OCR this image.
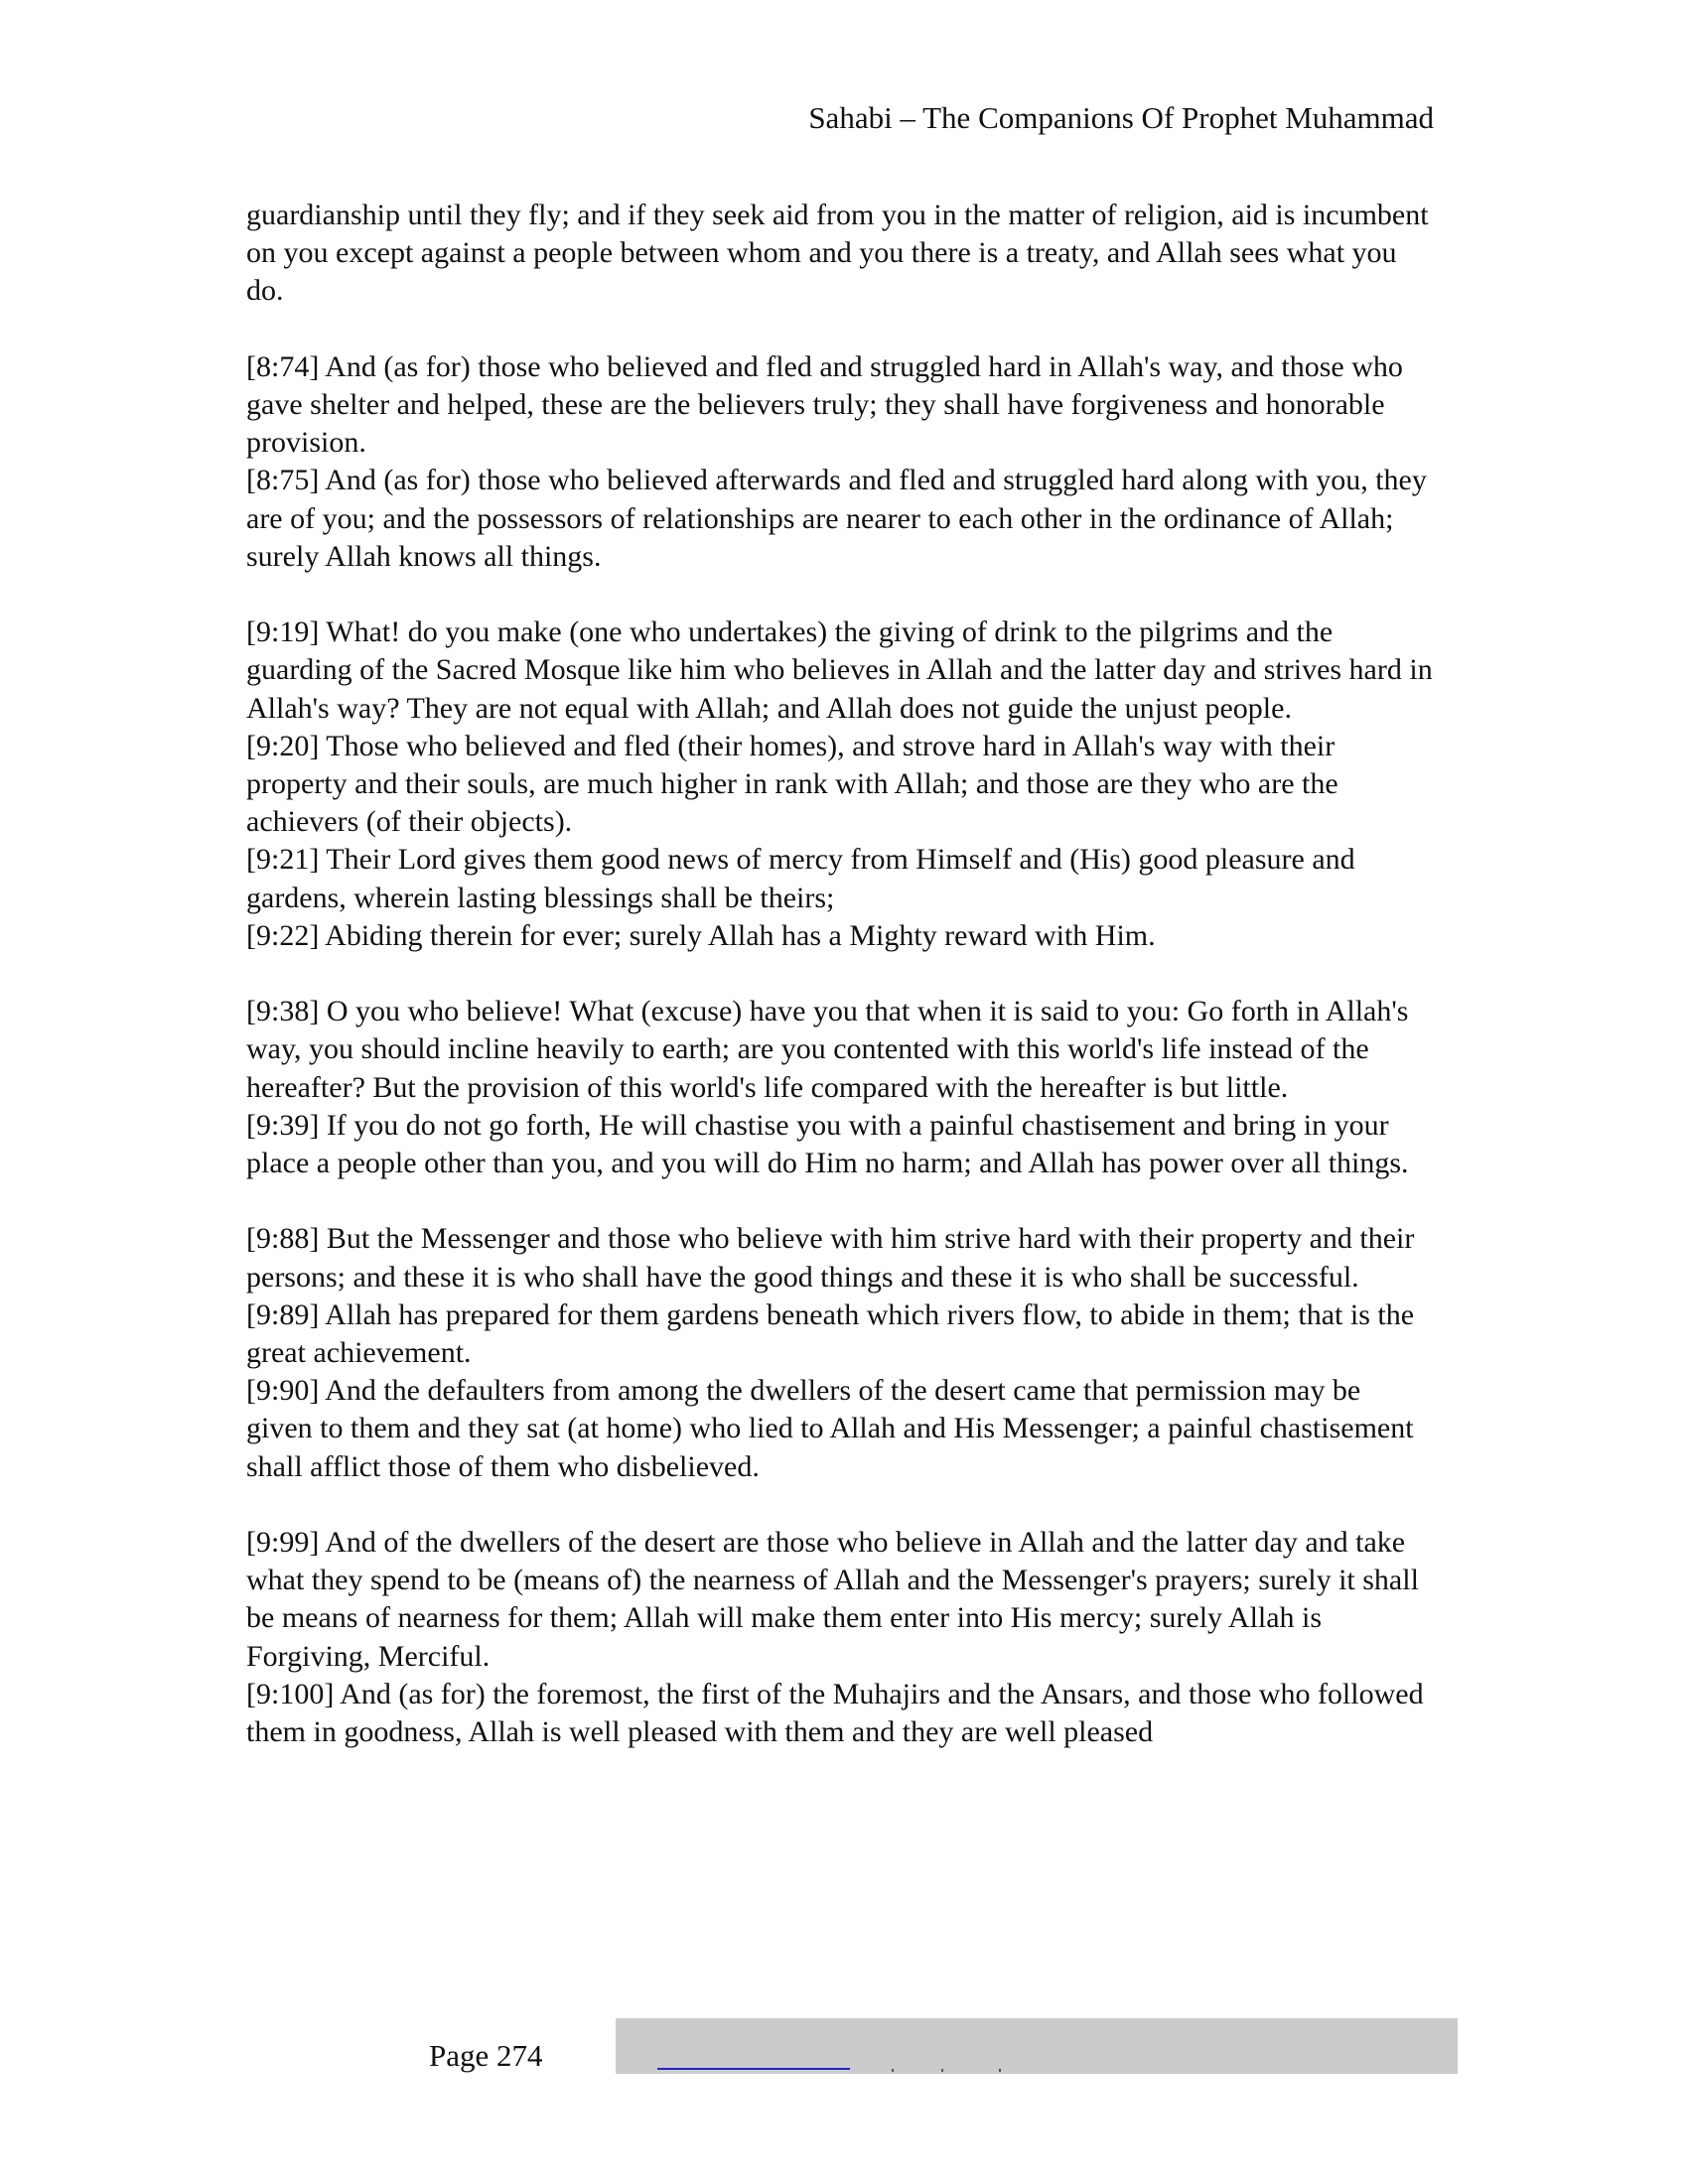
Sahabi – The Companions Of Prophet Muhammad

guardianship until they fly; and if they seek aid from you in the matter of religion, aid is incumbent on you except against a people between whom and you there is a treaty, and Allah sees what you do.

[8:74] And (as for) those who believed and fled and struggled hard in Allah's way, and those who gave shelter and helped, these are the believers truly; they shall have forgiveness and honorable provision.

[8:75] And (as for) those who believed afterwards and fled and struggled hard along with you, they are of you; and the possessors of relationships are nearer to each other in the ordinance of Allah; surely Allah knows all things.

[9:19] What! do you make (one who undertakes) the giving of drink to the pilgrims and the guarding of the Sacred Mosque like him who believes in Allah and the latter day and strives hard in Allah's way? They are not equal with Allah; and Allah does not guide the unjust people.

[9:20] Those who believed and fled (their homes), and strove hard in Allah's way with their property and their souls, are much higher in rank with Allah; and those are they who are the achievers (of their objects).

[9:21] Their Lord gives them good news of mercy from Himself and (His) good pleasure and gardens, wherein lasting blessings shall be theirs;

[9:22] Abiding therein for ever; surely Allah has a Mighty reward with Him.

[9:38] O you who believe! What (excuse) have you that when it is said to you: Go forth in Allah's way, you should incline heavily to earth; are you contented with this world's life instead of the hereafter? But the provision of this world's life compared with the hereafter is but little.

[9:39] If you do not go forth, He will chastise you with a painful chastisement and bring in your place a people other than you, and you will do Him no harm; and Allah has power over all things.

[9:88] But the Messenger and those who believe with him strive hard with their property and their persons; and these it is who shall have the good things and these it is who shall be successful.

[9:89] Allah has prepared for them gardens beneath which rivers flow, to abide in them; that is the great achievement.

[9:90] And the defaulters from among the dwellers of the desert came that permission may be given to them and they sat (at home) who lied to Allah and His Messenger; a painful chastisement shall afflict those of them who disbelieved.

[9:99] And of the dwellers of the desert are those who believe in Allah and the latter day and take what they spend to be (means of) the nearness of Allah and the Messenger's prayers; surely it shall be means of nearness for them; Allah will make them enter into His mercy; surely Allah is Forgiving, Merciful.

[9:100] And (as for) the foremost, the first of the Muhajirs and the Ansars, and those who followed them in goodness, Allah is well pleased with them and they are well pleased

Page 274
